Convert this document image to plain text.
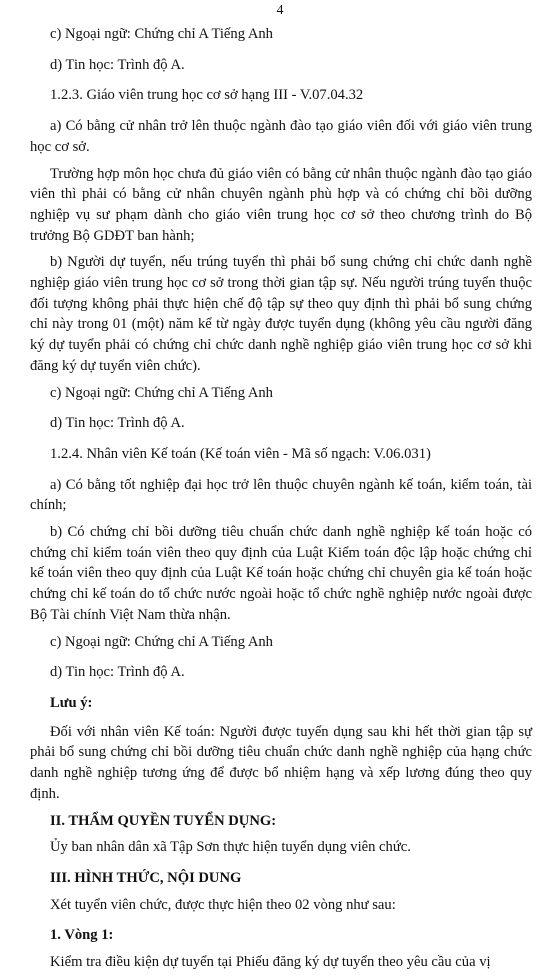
4

c) Ngoại ngữ: Chứng chỉ A Tiếng Anh

d) Tin học: Trình độ A.

1.2.3. Giáo viên trung học cơ sở hạng III - V.07.04.32

a) Có bằng cử nhân trở lên thuộc ngành đào tạo giáo viên đối với giáo viên trung học cơ sở.

Trường hợp môn học chưa đủ giáo viên có bằng cử nhân thuộc ngành đào tạo giáo viên thì phải có bằng cử nhân chuyên ngành phù hợp và có chứng chỉ bồi dưỡng nghiệp vụ sư phạm dành cho giáo viên trung học cơ sở theo chương trình do Bộ trưởng Bộ GDĐT ban hành;

b) Người dự tuyển, nếu trúng tuyển thì phải bổ sung chứng chỉ chức danh nghề nghiệp giáo viên trung học cơ sở trong thời gian tập sự. Nếu người trúng tuyển thuộc đối tượng không phải thực hiện chế độ tập sự theo quy định thì phải bổ sung chứng chỉ này trong 01 (một) năm kể từ ngày được tuyển dụng (không yêu cầu người đăng ký dự tuyển phải có chứng chỉ chức danh nghề nghiệp giáo viên trung học cơ sở khi đăng ký dự tuyển viên chức).

c) Ngoại ngữ: Chứng chỉ A Tiếng Anh

d) Tin học: Trình độ A.

1.2.4. Nhân viên Kế toán (Kế toán viên - Mã số ngạch: V.06.031)

a) Có bằng tốt nghiệp đại học trở lên thuộc chuyên ngành kế toán, kiểm toán, tài chính;

b) Có chứng chỉ bồi dưỡng tiêu chuẩn chức danh nghề nghiệp kế toán hoặc có chứng chỉ kiểm toán viên theo quy định của Luật Kiểm toán độc lập hoặc chứng chỉ kế toán viên theo quy định của Luật Kế toán hoặc chứng chỉ chuyên gia kế toán hoặc chứng chỉ kế toán do tổ chức nước ngoài hoặc tổ chức nghề nghiệp nước ngoài được Bộ Tài chính Việt Nam thừa nhận.

c) Ngoại ngữ: Chứng chỉ A Tiếng Anh

d) Tin học: Trình độ A.

Lưu ý:

Đối với nhân viên Kế toán: Người được tuyển dụng sau khi hết thời gian tập sự phải bổ sung chứng chỉ bồi dưỡng tiêu chuẩn chức danh nghề nghiệp của hạng chức danh nghề nghiệp tương ứng để được bổ nhiệm hạng và xếp lương đúng theo quy định.

II. THẨM QUYỀN TUYỂN DỤNG:

Ủy ban nhân dân xã Tập Sơn thực hiện tuyển dụng viên chức.

III. HÌNH THỨC, NỘI DUNG

Xét tuyển viên chức, được thực hiện theo 02 vòng như sau:

1. Vòng 1:

Kiểm tra điều kiện dự tuyển tại Phiếu đăng ký dự tuyển theo yêu cầu của vị
